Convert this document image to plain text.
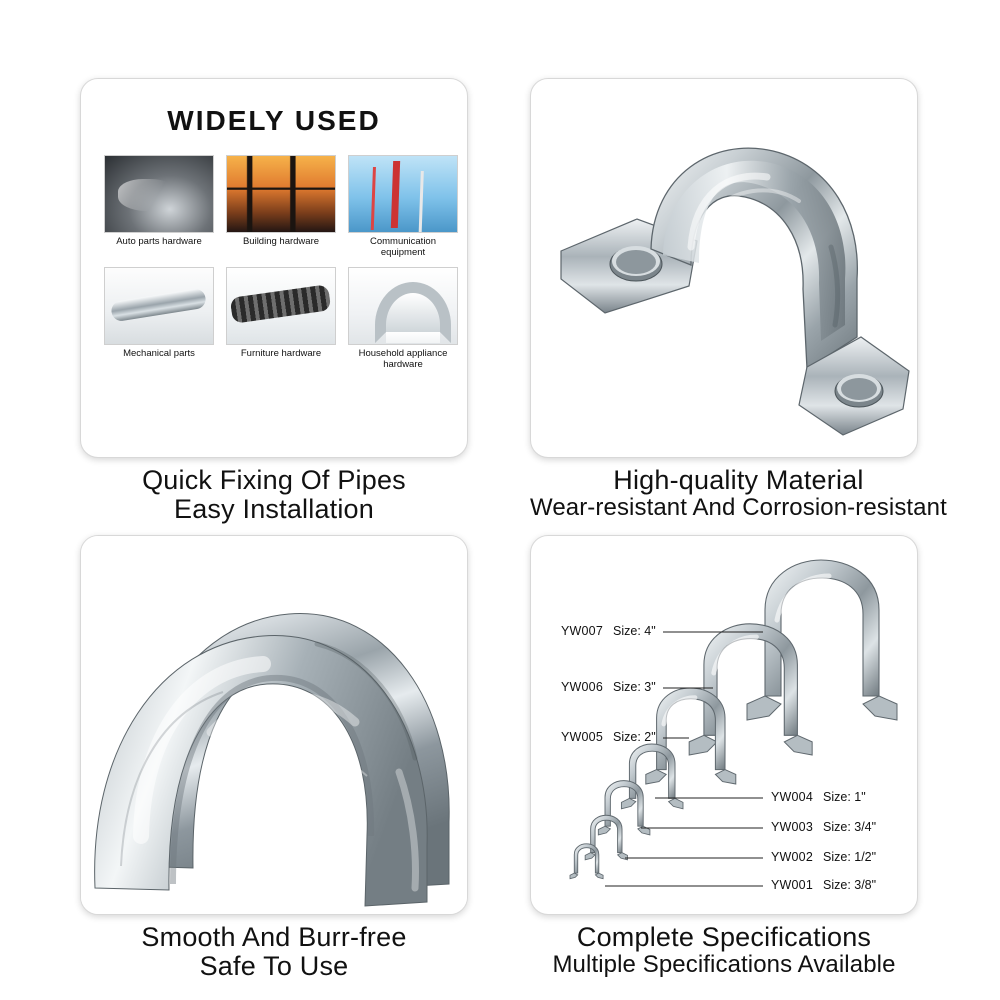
WIDELY USED
Auto parts hardware	Building hardware	Communication equipment
Mechanical parts	Furniture hardware	Household appliance hardware
Quick Fixing Of Pipes
Easy Installation
High-quality Material
Wear-resistant And Corrosion-resistant
Smooth And Burr-free
Safe To Use
YW007 Size: 4"
YW006 Size: 3"
YW005 Size: 2"
YW004 Size: 1"
YW003 Size: 3/4"
YW002 Size: 1/2"
YW001 Size: 3/8"
Complete Specifications
Multiple Specifications Available
